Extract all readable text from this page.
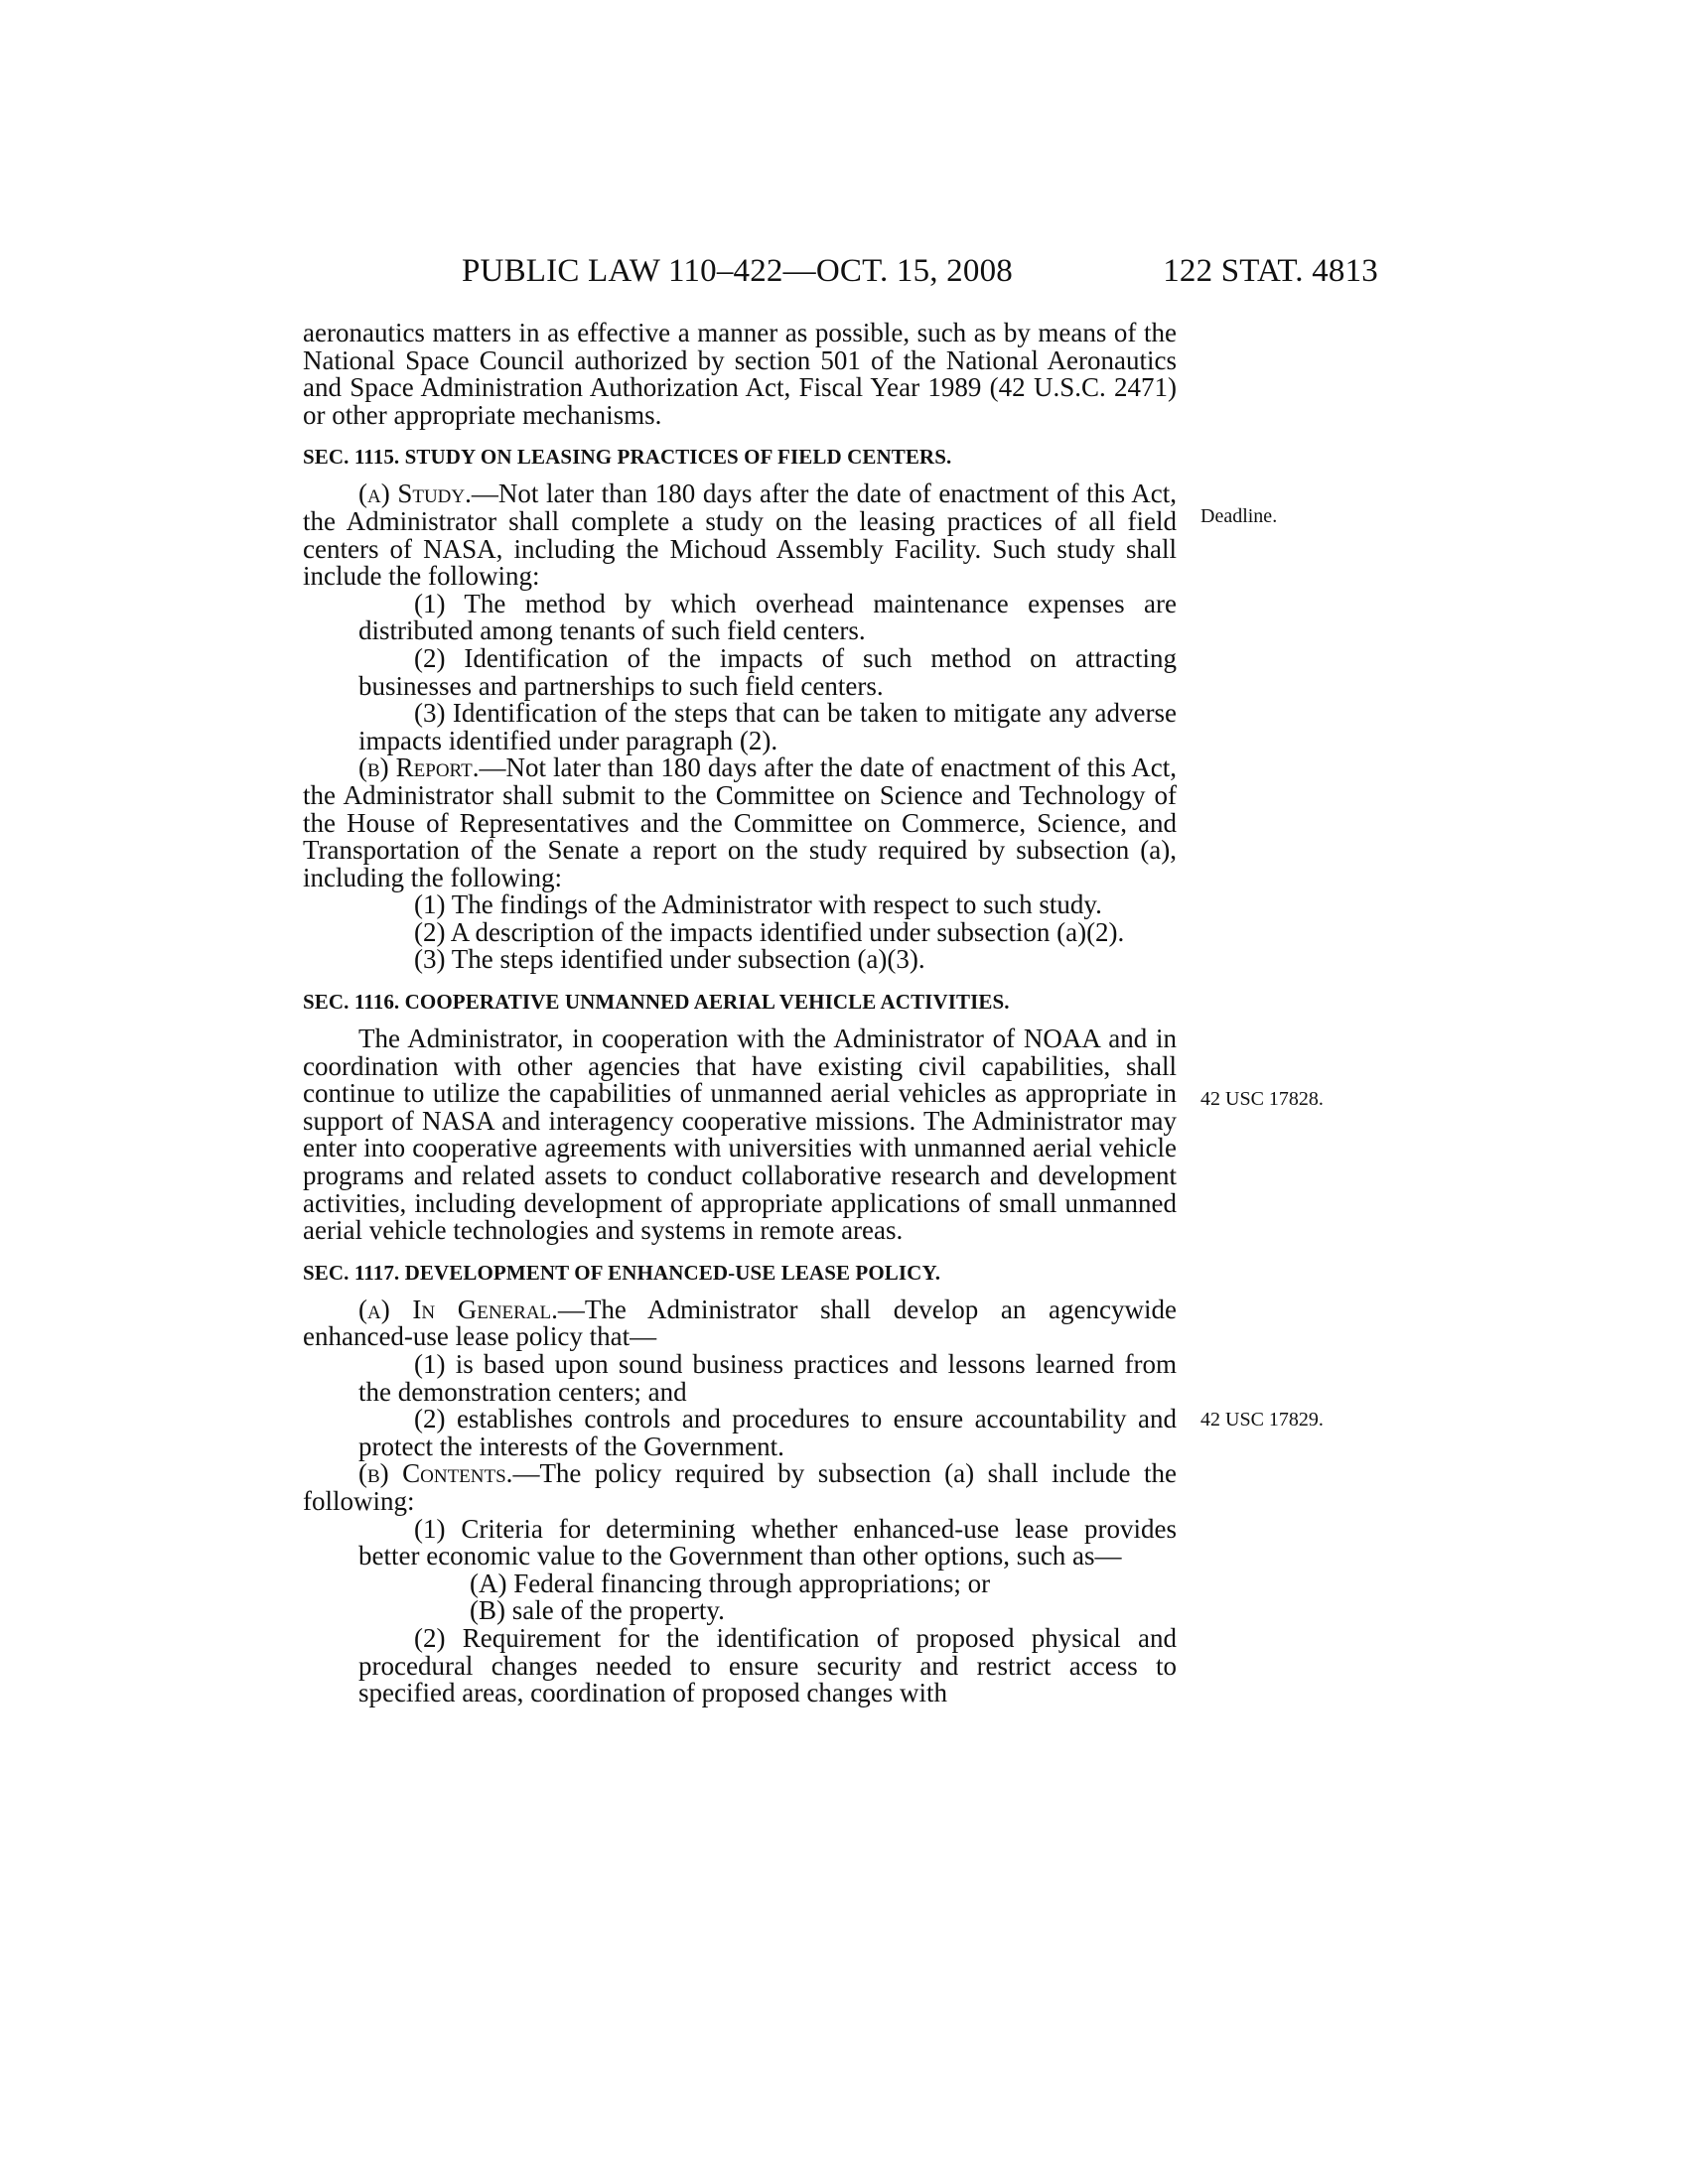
PUBLIC LAW 110–422—OCT. 15, 2008	122 STAT. 4813
Deadline.
42 USC 17828.
42 USC 17829.

aeronautics matters in as effective a manner as possible, such as by means of the National Space Council authorized by section 501 of the National Aeronautics and Space Administration Authorization Act, Fiscal Year 1989 (42 U.S.C. 2471) or other appropriate mechanisms.

SEC. 1115. STUDY ON LEASING PRACTICES OF FIELD CENTERS.

(a) Study.—Not later than 180 days after the date of enactment of this Act, the Administrator shall complete a study on the leasing practices of all field centers of NASA, including the Michoud Assembly Facility. Such study shall include the following:

(1) The method by which overhead maintenance expenses are distributed among tenants of such field centers.

(2) Identification of the impacts of such method on attracting businesses and partnerships to such field centers.

(3) Identification of the steps that can be taken to mitigate any adverse impacts identified under paragraph (2).

(b) Report.—Not later than 180 days after the date of enactment of this Act, the Administrator shall submit to the Committee on Science and Technology of the House of Representatives and the Committee on Commerce, Science, and Transportation of the Senate a report on the study required by subsection (a), including the following:

(1) The findings of the Administrator with respect to such study.

(2) A description of the impacts identified under subsection (a)(2).

(3) The steps identified under subsection (a)(3).

SEC. 1116. COOPERATIVE UNMANNED AERIAL VEHICLE ACTIVITIES.

The Administrator, in cooperation with the Administrator of NOAA and in coordination with other agencies that have existing civil capabilities, shall continue to utilize the capabilities of unmanned aerial vehicles as appropriate in support of NASA and interagency cooperative missions. The Administrator may enter into cooperative agreements with universities with unmanned aerial vehicle programs and related assets to conduct collaborative research and development activities, including development of appropriate applications of small unmanned aerial vehicle technologies and systems in remote areas.

SEC. 1117. DEVELOPMENT OF ENHANCED-USE LEASE POLICY.

(a) In General.—The Administrator shall develop an agencywide enhanced-use lease policy that—

(1) is based upon sound business practices and lessons learned from the demonstration centers; and

(2) establishes controls and procedures to ensure accountability and protect the interests of the Government.

(b) Contents.—The policy required by subsection (a) shall include the following:

(1) Criteria for determining whether enhanced-use lease provides better economic value to the Government than other options, such as—

(A) Federal financing through appropriations; or

(B) sale of the property.

(2) Requirement for the identification of proposed physical and procedural changes needed to ensure security and restrict access to specified areas, coordination of proposed changes with
